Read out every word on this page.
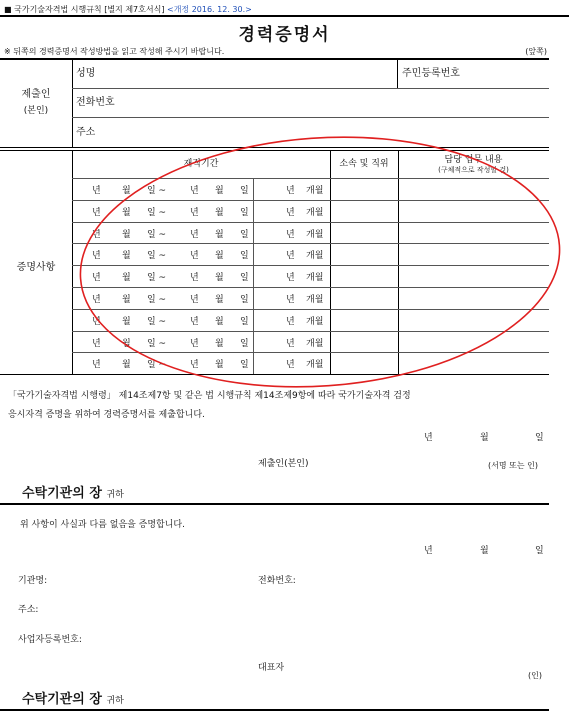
■ 국가기술자격법 시행규칙 [별지 제7호서식] <개정 2016. 12. 30.>
경력증명서
※ 뒤쪽의 경력증명서 작성방법을 읽고 작성해 주시기 바랍니다.	(앞쪽)
제출인
(본인)
성명	주민등록번호
전화번호
주소
증명사항
재직기간	소속 및 직위	담당 업무 내용
(구체적으로 작성할 것)
년 월 일 ~	년 월 일	년 개월
년 월 일 ~	년 월 일	년 개월
년 월 일 ~	년 월 일	년 개월
년 월 일 ~	년 월 일	년 개월
년 월 일 ~	년 월 일	년 개월
년 월 일 ~	년 월 일	년 개월
년 월 일 ~	년 월 일	년 개월
년 월 일 ~	년 월 일	년 개월
년 월 일 ~	년 월 일	년 개월
「국가기술자격법 시행령」 제14조제7항 및 같은 법 시행규칙 제14조제9항에 따라 국가기술자격 검정
응시자격 증명을 위하여 경력증명서를 제출합니다.
년	월	일
제출인(본인)	(서명 또는 인)
수탁기관의 장 귀하
위 사항이 사실과 다름 없음을 증명합니다.
년	월	일
기관명:	전화번호:
주소:
사업자등록번호:
대표자
(인)
수탁기관의 장 귀하
